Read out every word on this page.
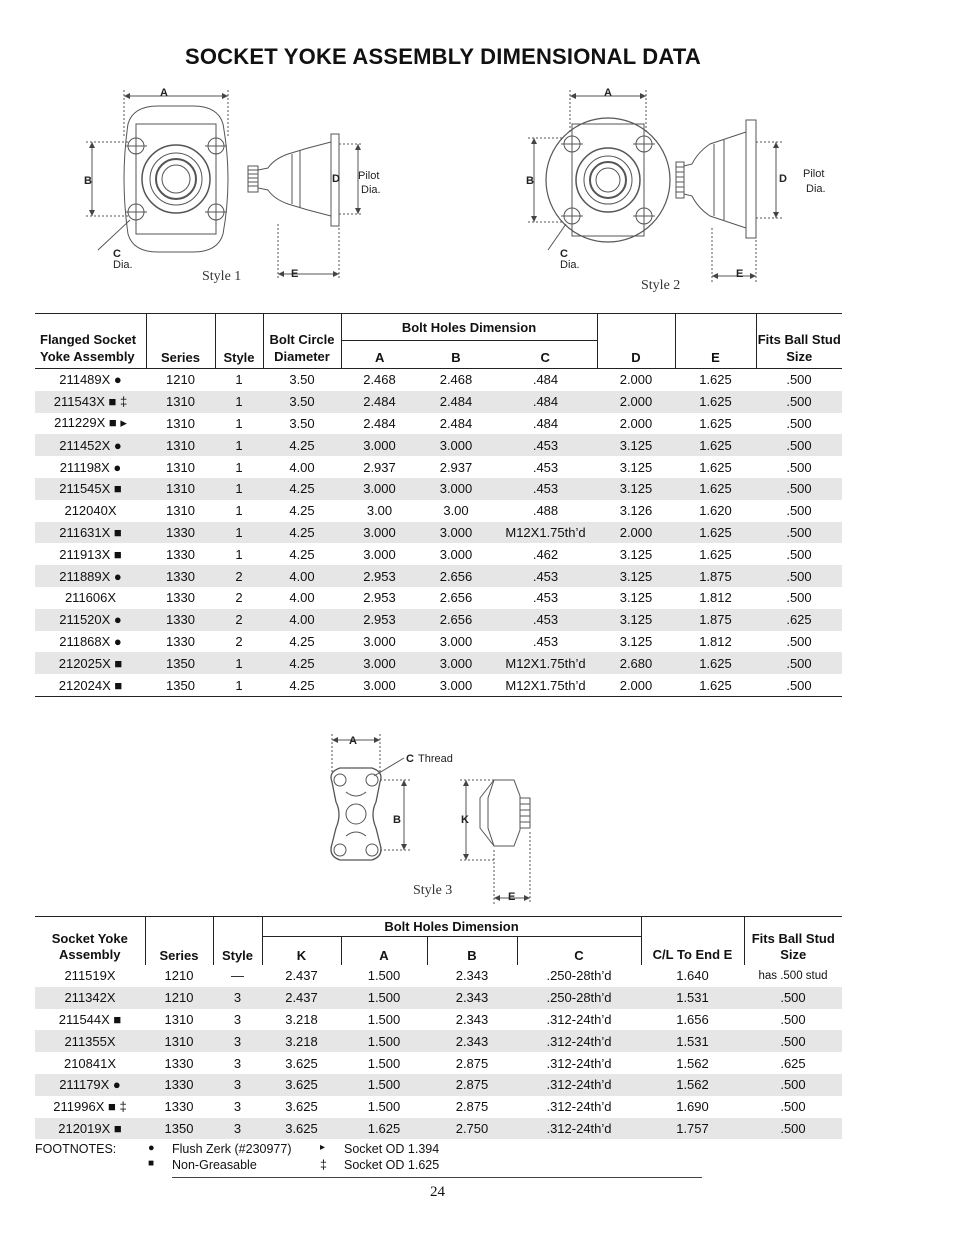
SOCKET YOKE ASSEMBLY DIMENSIONAL DATA
A
B
C
Dia.
D
E
Pilot
Dia.
Style 1
A
B
C
Dia.
D
E
Pilot
Dia.
Style 2
Flanged Socket Yoke Assembly	Series	Style	Bolt Circle Diameter	Bolt Holes Dimension			D	E	Fits Ball Stud Size
				A	B	C			
211489X ●	1210	1	3.50	2.468	2.468	.484	2.000	1.625	.500
211543X ■ ‡	1310	1	3.50	2.484	2.484	.484	2.000	1.625	.500
211229X ■ ▸	1310	1	3.50	2.484	2.484	.484	2.000	1.625	.500
211452X ●	1310	1	4.25	3.000	3.000	.453	3.125	1.625	.500
211198X ●	1310	1	4.00	2.937	2.937	.453	3.125	1.625	.500
211545X ■	1310	1	4.25	3.000	3.000	.453	3.125	1.625	.500
212040X	1310	1	4.25	3.00	3.00	.488	3.126	1.620	.500
211631X ■	1330	1	4.25	3.000	3.000	M12X1.75th’d	2.000	1.625	.500
211913X ■	1330	1	4.25	3.000	3.000	.462	3.125	1.625	.500
211889X ●	1330	2	4.00	2.953	2.656	.453	3.125	1.875	.500
211606X	1330	2	4.00	2.953	2.656	.453	3.125	1.812	.500
211520X ●	1330	2	4.00	2.953	2.656	.453	3.125	1.875	.625
211868X ●	1330	2	4.25	3.000	3.000	.453	3.125	1.812	.500
212025X ■	1350	1	4.25	3.000	3.000	M12X1.75th’d	2.680	1.625	.500
212024X ■	1350	1	4.25	3.000	3.000	M12X1.75th’d	2.000	1.625	.500
A
C Thread
B	K
E
Style 3
Socket Yoke Assembly	Series	Style	Bolt Holes Dimension				C/L To End E	Fits Ball Stud Size
			K	A	B	C		
211519X	1210	—	2.437	1.500	2.343	.250-28th’d	1.640	has .500 stud
211342X	1210	3	2.437	1.500	2.343	.250-28th’d	1.531	.500
211544X ■	1310	3	3.218	1.500	2.343	.312-24th’d	1.656	.500
211355X	1310	3	3.218	1.500	2.343	.312-24th’d	1.531	.500
210841X	1330	3	3.625	1.500	2.875	.312-24th’d	1.562	.625
211179X ●	1330	3	3.625	1.500	2.875	.312-24th’d	1.562	.500
211996X ■ ‡	1330	3	3.625	1.500	2.875	.312-24th’d	1.690	.500
212019X ■	1350	3	3.625	1.625	2.750	.312-24th’d	1.757	.500
FOOTNOTES:	● Flush Zerk (#230977)	▸ Socket OD 1.394
■ Non-Greasable	‡ Socket OD 1.625
24
